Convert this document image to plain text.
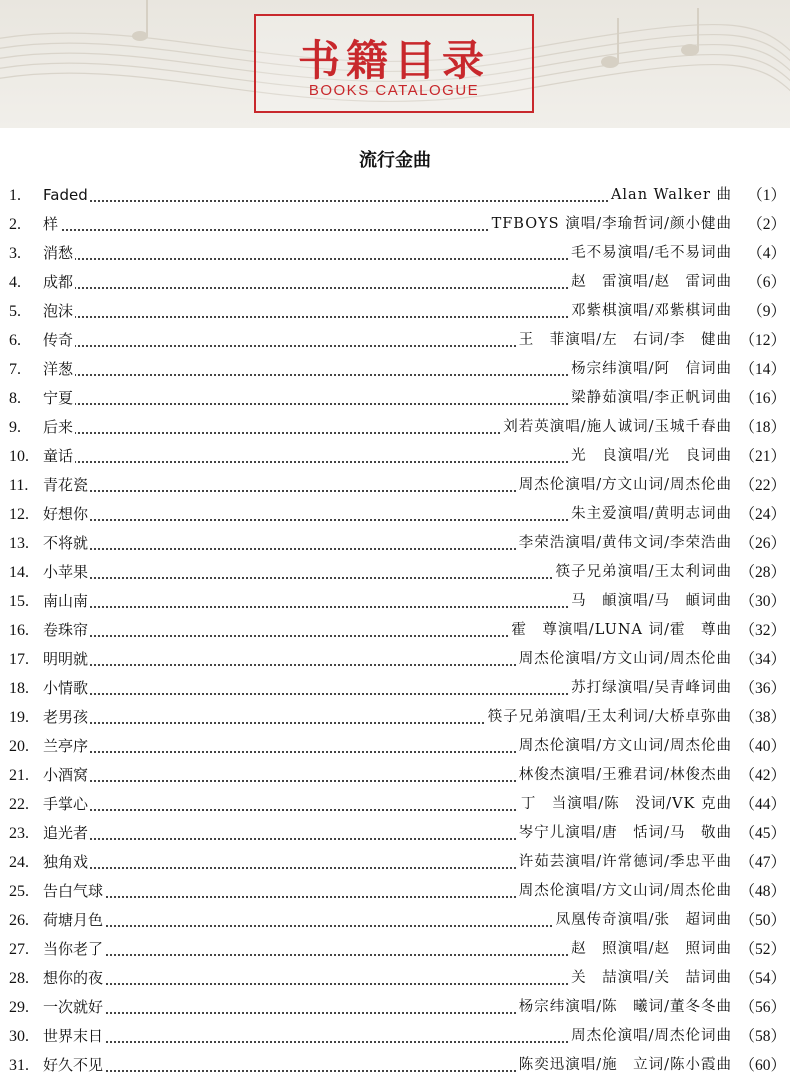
书籍目录
BOOKS CATALOGUE
流行金曲
1. Faded	Alan Walker 曲 （1）
2. 样	TFBOYS 演唱/李瑜哲词/颜小健曲 （2）
3. 消愁	毛不易演唱/毛不易词曲 （4）
4. 成都	赵　雷演唱/赵　雷词曲 （6）
5. 泡沫	邓紫棋演唱/邓紫棋词曲 （9）
6. 传奇	王　菲演唱/左　右词/李　健曲 （12）
7. 洋葱	杨宗纬演唱/阿　信词曲 （14）
8. 宁夏	梁静茹演唱/李正帆词曲 （16）
9. 后来	刘若英演唱/施人诚词/玉城千春曲 （18）
10. 童话	光　良演唱/光　良词曲 （21）
11. 青花瓷	周杰伦演唱/方文山词/周杰伦曲 （22）
12. 好想你	朱主爱演唱/黄明志词曲 （24）
13. 不将就	李荣浩演唱/黄伟文词/李荣浩曲 （26）
14. 小苹果	筷子兄弟演唱/王太利词曲 （28）
15. 南山南	马　頔演唱/马　頔词曲 （30）
16. 卷珠帘	霍　尊演唱/LUNA 词/霍　尊曲 （32）
17. 明明就	周杰伦演唱/方文山词/周杰伦曲 （34）
18. 小情歌	苏打绿演唱/吴青峰词曲 （36）
19. 老男孩	筷子兄弟演唱/王太利词/大桥卓弥曲 （38）
20. 兰亭序	周杰伦演唱/方文山词/周杰伦曲 （40）
21. 小酒窝	林俊杰演唱/王雅君词/林俊杰曲 （42）
22. 手掌心	丁　当演唱/陈　没词/VK 克曲 （44）
23. 追光者	岑宁儿演唱/唐　恬词/马　敬曲 （45）
24. 独角戏	许茹芸演唱/许常德词/季忠平曲 （47）
25. 告白气球	周杰伦演唱/方文山词/周杰伦曲 （48）
26. 荷塘月色	凤凰传奇演唱/张　超词曲 （50）
27. 当你老了	赵　照演唱/赵　照词曲 （52）
28. 想你的夜	关　喆演唱/关　喆词曲 （54）
29. 一次就好	杨宗纬演唱/陈　曦词/董冬冬曲 （56）
30. 世界末日	周杰伦演唱/周杰伦词曲 （58）
31. 好久不见	陈奕迅演唱/施　立词/陈小霞曲 （60）
